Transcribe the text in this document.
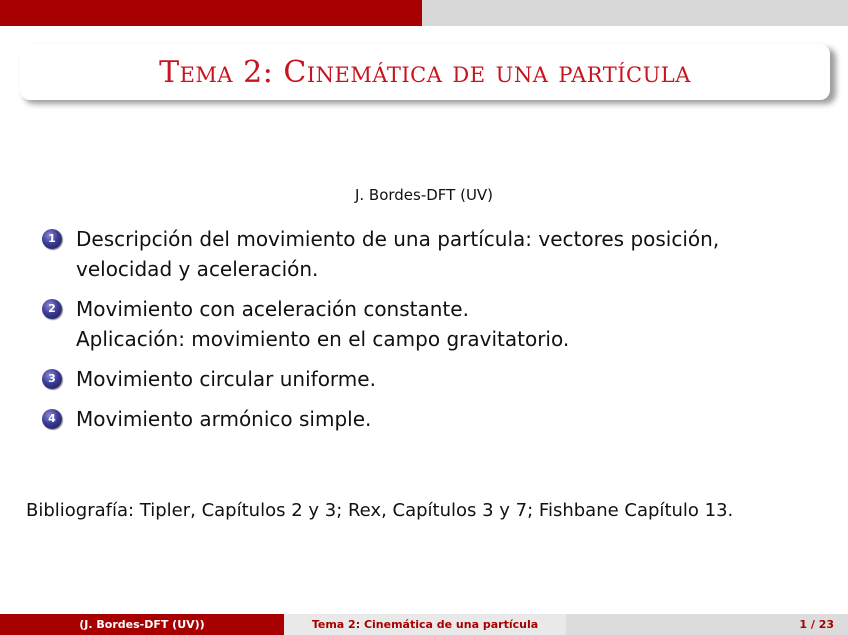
Tema 2: Cinemática de una partícula
J. Bordes-DFT (UV)
1	Descripción del movimiento de una partícula: vectores posición,
velocidad y aceleración.
2	Movimiento con aceleración constante.
Aplicación: movimiento en el campo gravitatorio.
3	Movimiento circular uniforme.
4	Movimiento armónico simple.
Bibliografía: Tipler, Capítulos 2 y 3; Rex, Capítulos 3 y 7; Fishbane Capítulo 13.
(J. Bordes-DFT (UV))	Tema 2: Cinemática de una partícula	1 / 23
